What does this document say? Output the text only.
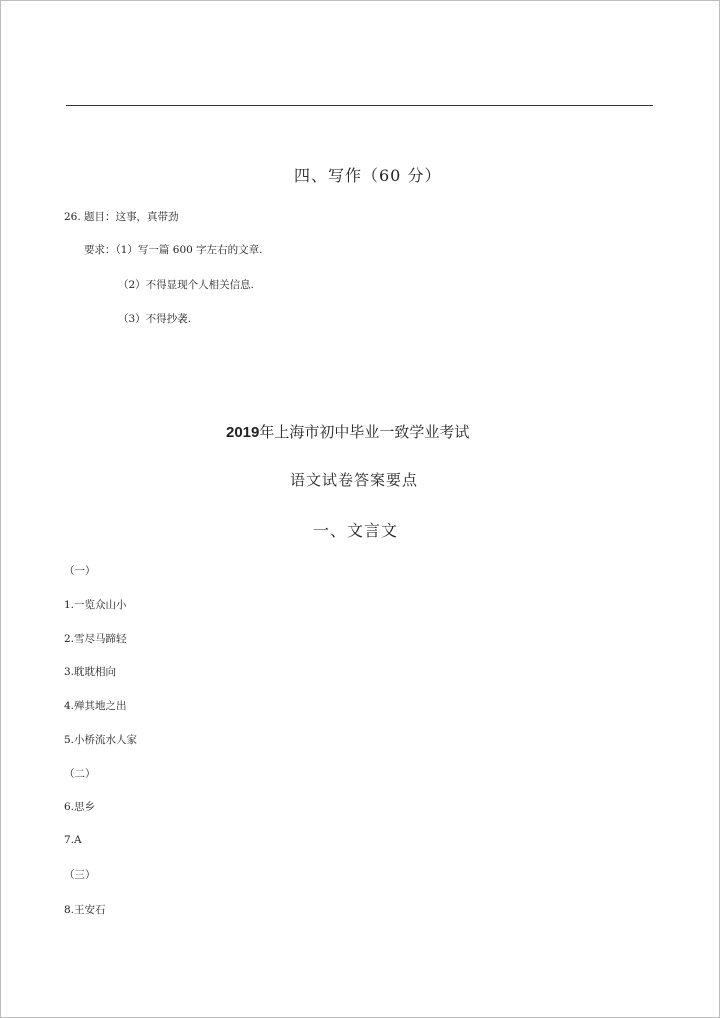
四、写作（60 分）
26. 题目：这事，真带劲
要求：（1）写一篇 600 字左右的文章.
（2）不得显现个人相关信息.
（3）不得抄袭.
2019年上海市初中毕业一致学业考试
语文试卷答案要点
一、文言文
（一）
1.一览众山小
2.雪尽马蹄轻
3.耽耽相向
4.殚其地之出
5.小桥流水人家
（二）
6.思乡
7.A
（三）
8.王安石
